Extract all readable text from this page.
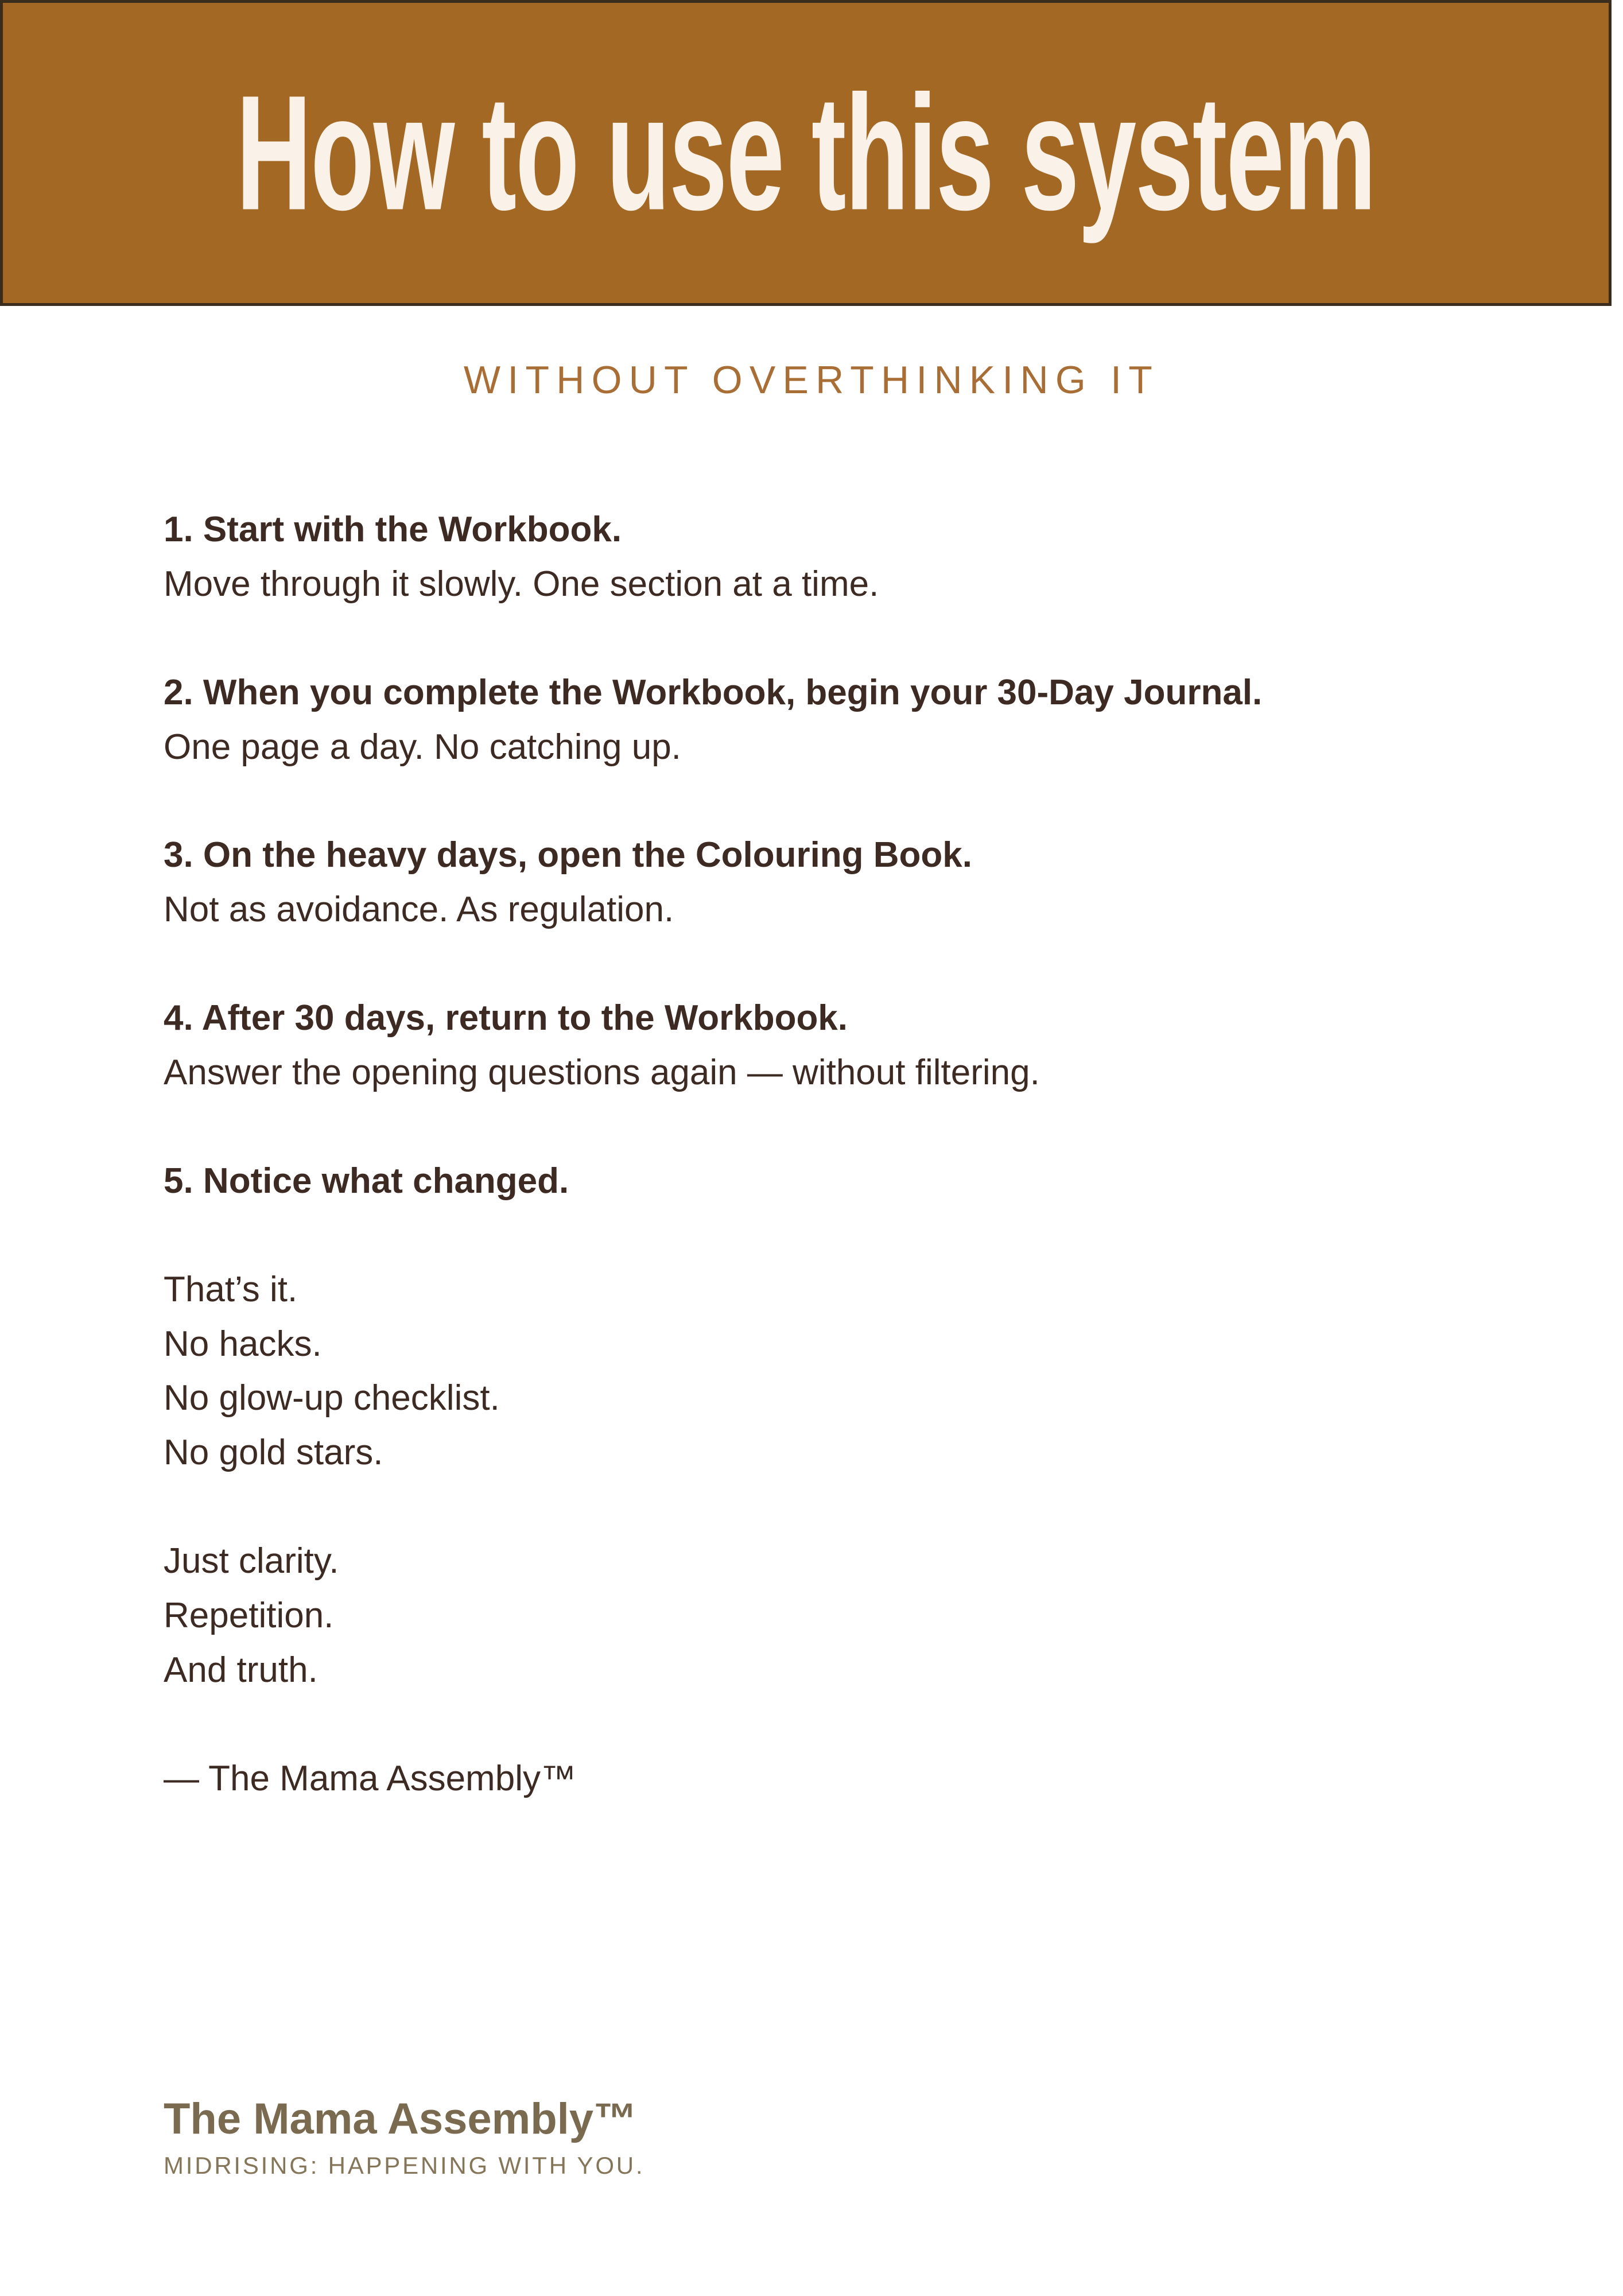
How to use this system
WITHOUT OVERTHINKING IT
1. Start with the Workbook.
Move through it slowly. One section at a time.
2. When you complete the Workbook, begin your 30-Day Journal.
One page a day. No catching up.
3. On the heavy days, open the Colouring Book.
Not as avoidance. As regulation.
4. After 30 days, return to the Workbook.
Answer the opening questions again — without filtering.
5. Notice what changed.
That’s it.
No hacks.
No glow-up checklist.
No gold stars.
Just clarity.
Repetition.
And truth.
— The Mama Assembly™
The Mama Assembly™
MIDRISING: HAPPENING WITH YOU.
